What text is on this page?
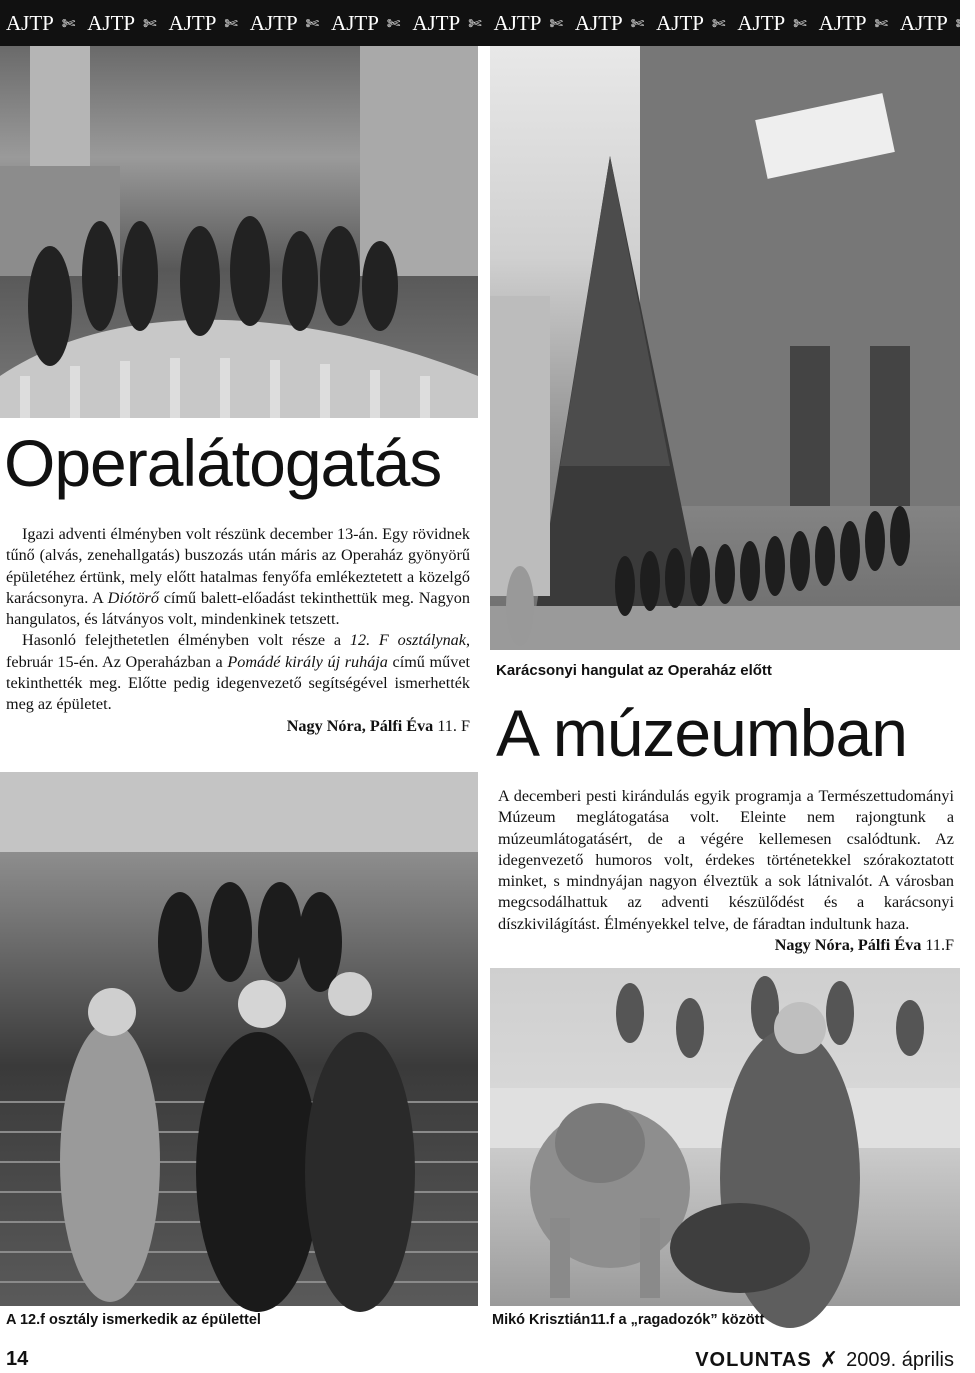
AJTP ✄ AJTP ✄ AJTP ✄ AJTP ✄ AJTP ✄ AJTP ✄ AJTP ✄ AJTP ✄ AJTP ✄ AJTP ✄ AJTP ✄ AJTP ✄
Operalátogatás

Igazi adventi élményben volt részünk december 13-án. Egy rövidnek tűnő (alvás, zenehallgatás) buszozás után máris az Operaház gyönyörű épületéhez értünk, mely előtt hatalmas fenyőfa emlékeztetett a közelgő karácsonyra. A Diótörő című balett-előadást tekinthettük meg. Nagyon hangulatos, és látványos volt, mindenkinek tetszett.

Hasonló felejthetetlen élményben volt része a 12. F osztálynak, február 15-én. Az Operaházban a Pomádé király új ruhája című művet tekinthették meg. Előtte pedig idegenvezető segítségével ismerhették meg az épületet.

Nagy Nóra, Pálfi Éva 11. F

Karácsonyi hangulat az Operaház előtt
A múzeumban

A decemberi pesti kirándulás egyik programja a Természettudományi Múzeum meglátogatása volt. Eleinte nem rajongtunk a múzeumlátogatásért, de a végére kellemesen csalódtunk. Az idegenvezető humoros volt, érdekes történetekkel szórakoztatott minket, s mindnyájan nagyon élveztük a sok látnivalót. A városban megcsodálhattuk az adventi készülődést és a karácsonyi díszkivilágítást. Élményekkel telve, de fáradtan indultunk haza.

Nagy Nóra, Pálfi Éva 11.F

A 12.f osztály ismerkedik az épülettel	Mikó Krisztián11.f a „ragadozók” között
14	VOLUNTAS ✗ 2009. április
